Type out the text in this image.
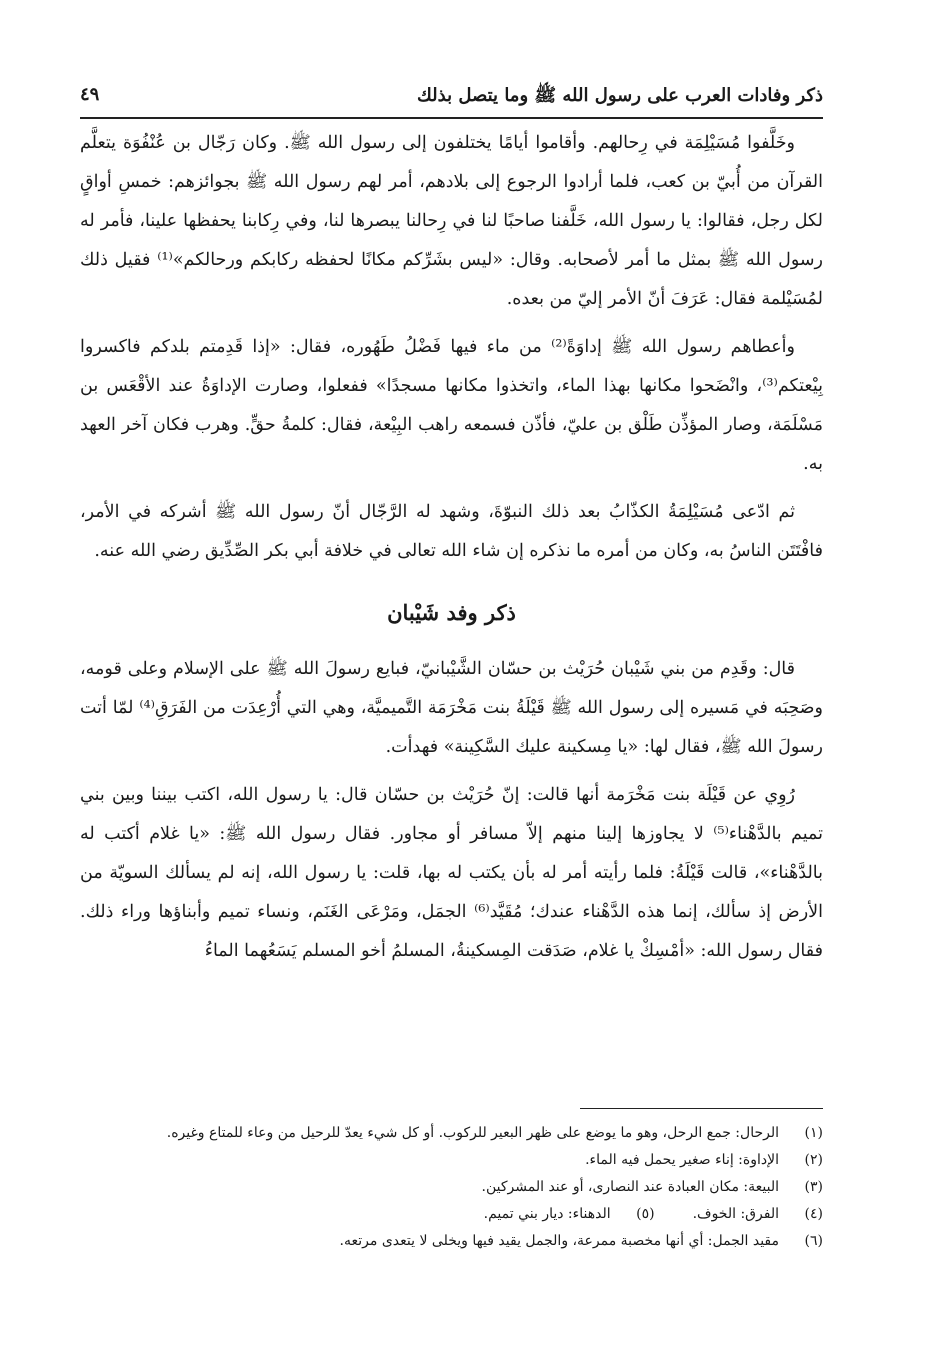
ذكر وفادات العرب على رسول الله ﷺ وما يتصل بذلك
٤٩

وخَلَّفوا مُسَيْلِمَة في رِحالهم. وأقاموا أيامًا يختلفون إلى رسول الله ﷺ. وكان رَجّال بن عُنْفُوَة يتعلَّم القرآن من أُبيّ بن كعب، فلما أرادوا الرجوع إلى بلادهم، أمر لهم رسول الله ﷺ بجوائزهم: خمسِ أواقٍ لكل رجل، فقالوا: يا رسول الله، خَلَّفنا صاحبًا لنا في رِحالنا يبصرها لنا، وفي رِكابنا يحفظها علينا، فأمر له رسول الله ﷺ بمثل ما أمر لأصحابه. وقال: «ليس بشَرِّكم مكانًا لحفظه ركابكم ورحالكم»⁽¹⁾ فقيل ذلك لمُسَيْلمة فقال: عَرَفَ أنّ الأمر إليّ من بعده.

وأعطاهم رسول الله ﷺ إداوَةً⁽²⁾ من ماء فيها فَضْلُ طَهُوره، فقال: «إذا قَدِمتم بلدكم فاكسروا بِيْعتكم⁽³⁾، وانْضَحوا مكانها بهذا الماء، واتخذوا مكانها مسجدًا» ففعلوا، وصارت الإداوَةُ عند الأقْعَس بن مَسْلَمَة، وصار المؤذِّن طَلْق بن عليّ، فأذّن فسمعه راهب البِيْعة، فقال: كلمةُ حقٍّ. وهرب فكان آخر العهد به.

ثم ادّعى مُسَيْلِمَةُ الكذّابُ بعد ذلك النبوّةَ، وشهد له الرَّجّال أنّ رسول الله ﷺ أشركه في الأمر، فافْتَتَن الناسُ به، وكان من أمره ما نذكره إن شاء الله تعالى في خلافة أبي بكر الصِّدِّيق رضي الله عنه.

ذكر وفد شَيْبان

قال: وقَدِم من بني شَيْبان حُرَيْث بن حسّان الشَّيْبانيّ، فبايع رسولَ الله ﷺ على الإسلام وعلى قومه، وصَحِبَه في مَسيره إلى رسول الله ﷺ قَيْلَةُ بنت مَخْرَمَة التَّميميَّة، وهي التي أُرْعِدَت من الفَرَقِ⁽⁴⁾ لمّا أتت رسولَ الله ﷺ، فقال لها: «يا مِسكينة عليك السَّكِينة» فهدأت.

رُوِي عن قَيْلَة بنت مَخْرَمة أنها قالت: إنّ حُرَيْث بن حسّان قال: يا رسول الله، اكتب بيننا وبين بني تميم بالدَّهْناء⁽⁵⁾ لا يجاوزها إلينا منهم إلاّ مسافر أو مجاور. فقال رسول الله ﷺ: «يا غلام أكتب له بالدَّهْناء»، قالت قَيْلَةُ: فلما رأيته أمر له بأن يكتب له بها، قلت: يا رسول الله، إنه لم يسألك السويّة من الأرض إذ سألك، إنما هذه الدَّهْناء عندك؛ مُقَيَّد⁽⁶⁾ الجمَل، ومَرْعَى الغَنَم، ونساء تميم وأبناؤها وراء ذلك. فقال رسول الله: «أمْسِكْ يا غلام، صَدَقت المِسكينةُ، المسلمُ أخو المسلم يَسَعُهما الماءُ

(١)
الرحال: جمع الرحل، وهو ما يوضع على ظهر البعير للركوب. أو كل شيء يعدّ للرحيل من وعاء للمتاع وغيره.
(٢)
الإداوة: إناء صغير يحمل فيه الماء.
(٣)
البيعة: مكان العبادة عند النصارى، أو عند المشركين.
(٤)
الفرق: الخوف.
(٥)
الدهناء: ديار بني تميم.
(٦)
مقيد الجمل: أي أنها مخصبة ممرعة، والجمل يقيد فيها ويخلى لا يتعدى مرتعه.
